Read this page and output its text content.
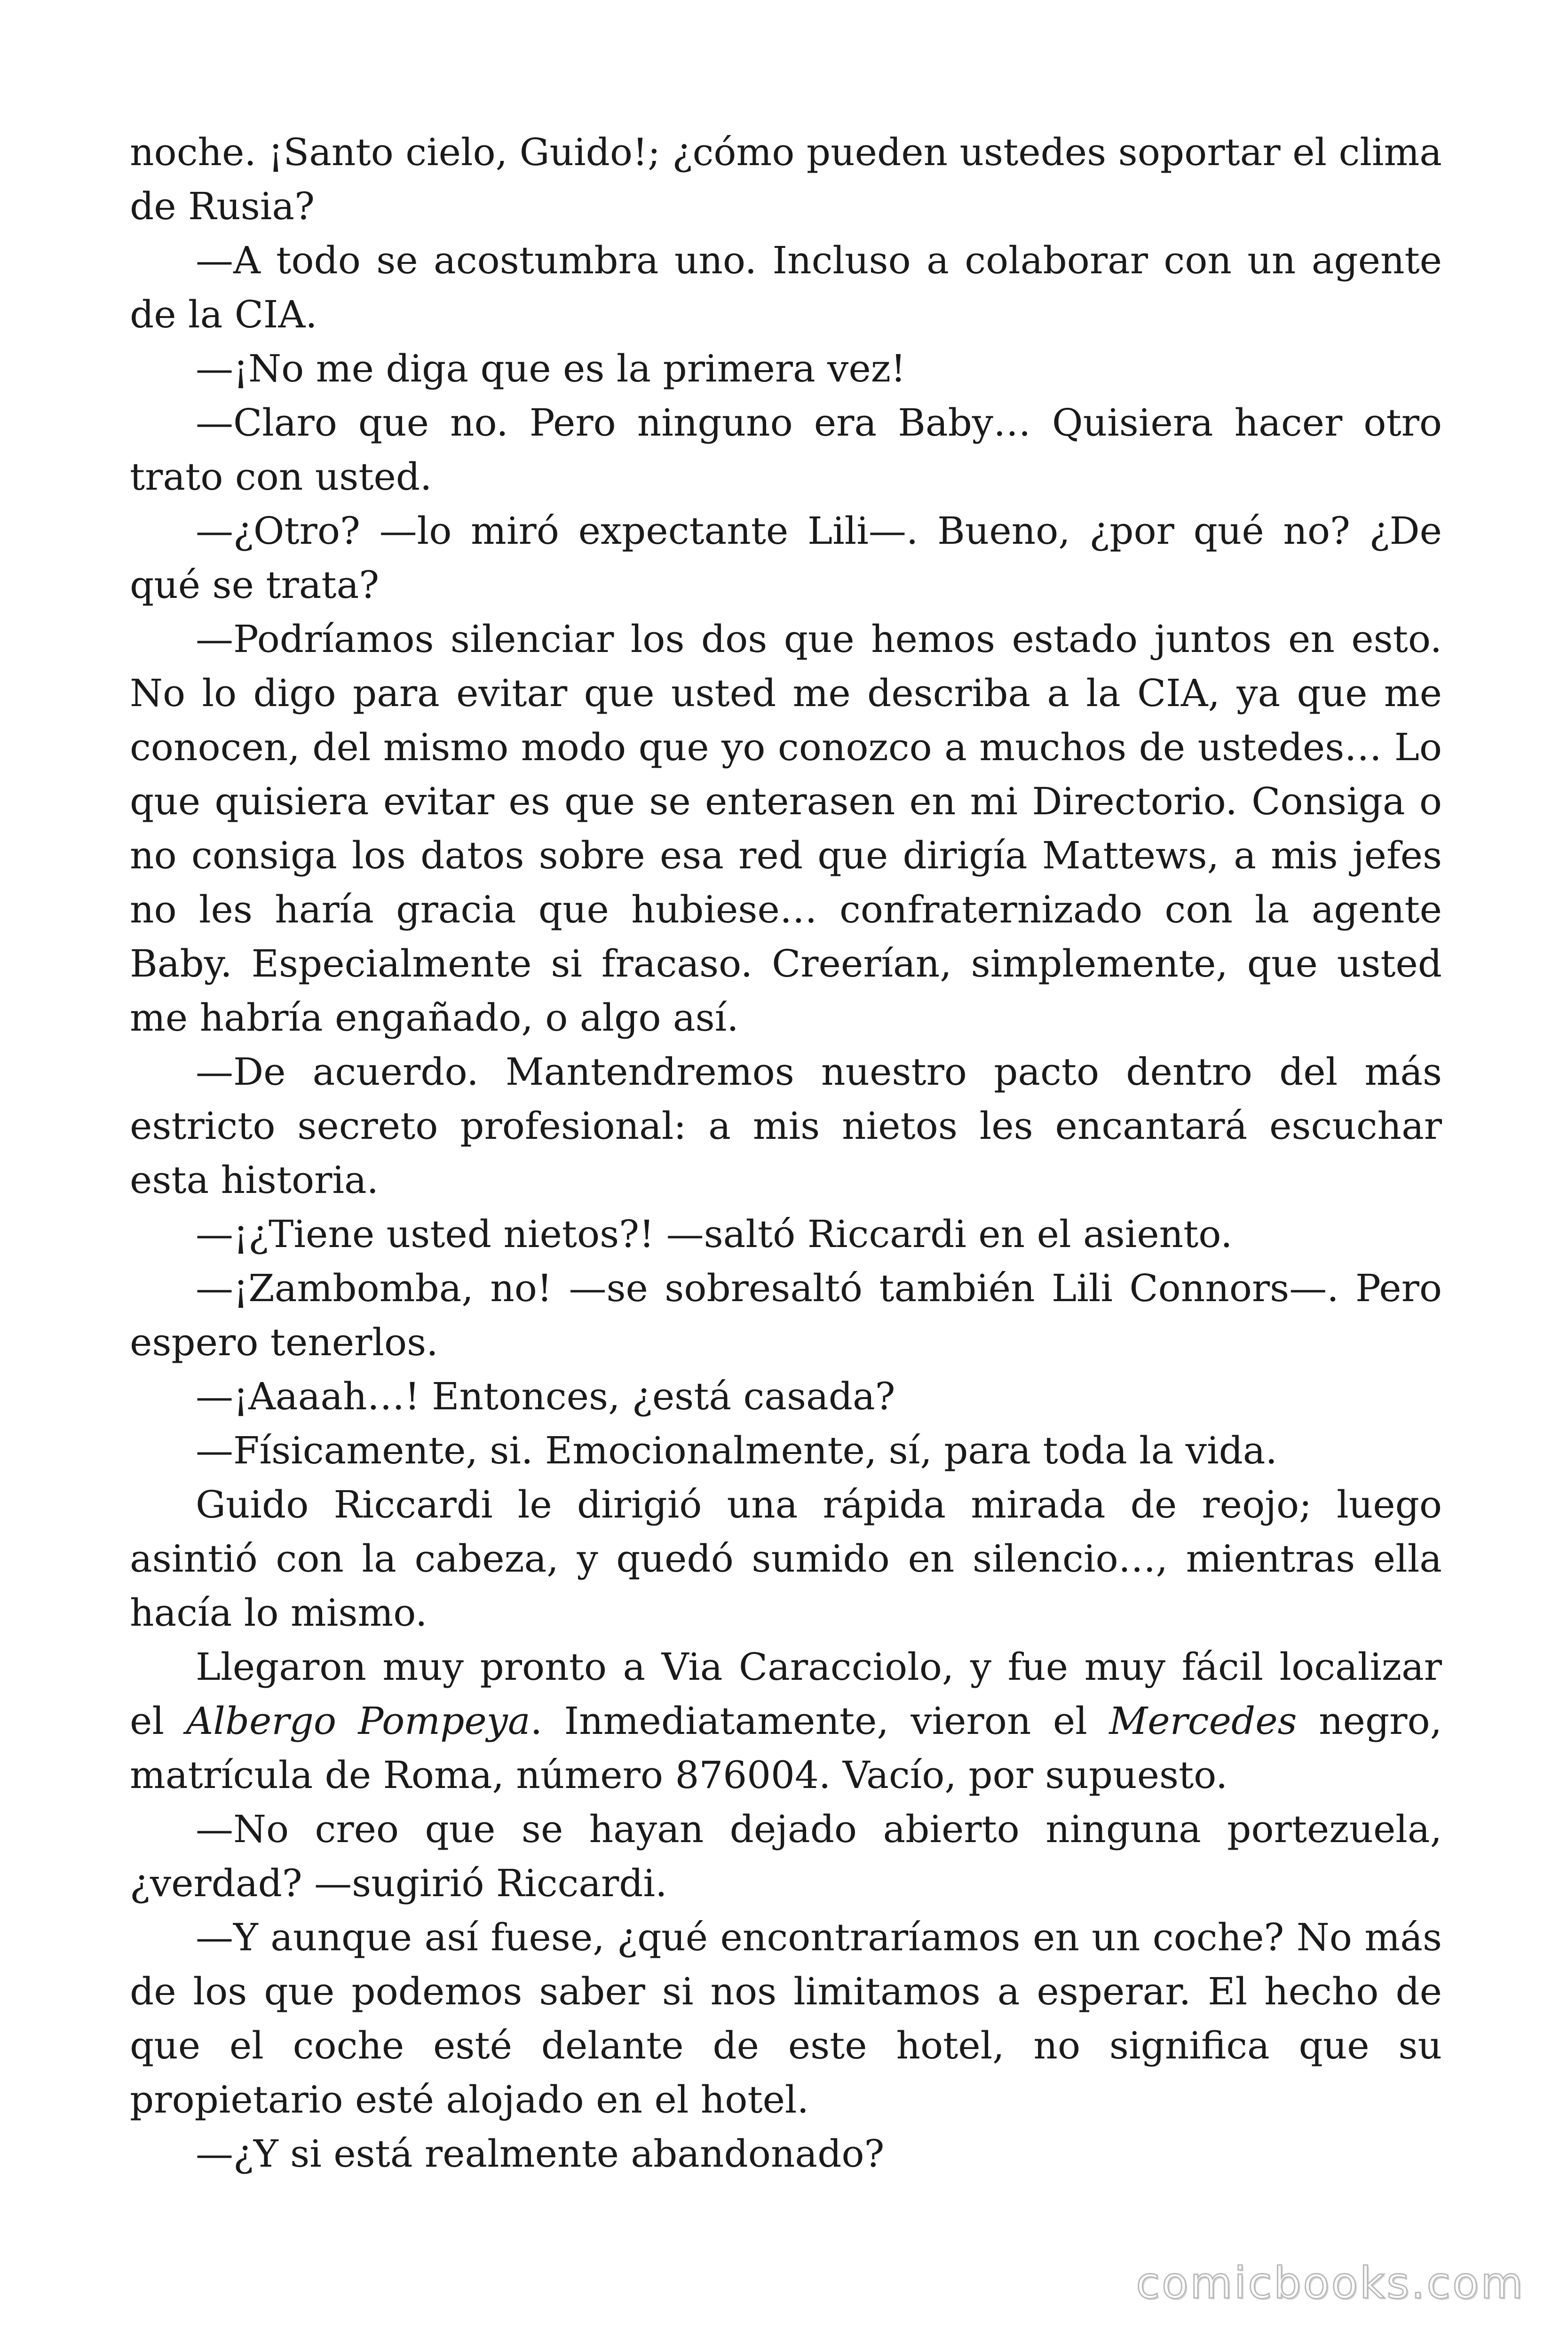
noche. ¡Santo cielo, Guido!; ¿cómo pueden ustedes soportar el clima de Rusia?

—A todo se acostumbra uno. Incluso a colaborar con un agente de la CIA.

—¡No me diga que es la primera vez!

—Claro que no. Pero ninguno era Baby… Quisiera hacer otro trato con usted.

—¿Otro? —lo miró expectante Lili—. Bueno, ¿por qué no? ¿De qué se trata?

—Podríamos silenciar los dos que hemos estado juntos en esto. No lo digo para evitar que usted me describa a la CIA, ya que me conocen, del mismo modo que yo conozco a muchos de ustedes… Lo que quisiera evitar es que se enterasen en mi Directorio. Consiga o no consiga los datos sobre esa red que dirigía Mattews, a mis jefes no les haría gracia que hubiese… confraternizado con la agente Baby. Especialmente si fracaso. Creerían, simplemente, que usted me habría engañado, o algo así.

—De acuerdo. Mantendremos nuestro pacto dentro del más estricto secreto profesional: a mis nietos les encantará escuchar esta historia.

—¡¿Tiene usted nietos?! —saltó Riccardi en el asiento.

—¡Zambomba, no! —se sobresaltó también Lili Connors—. Pero espero tenerlos.

—¡Aaaah…! Entonces, ¿está casada?

—Físicamente, si. Emocionalmente, sí, para toda la vida.

Guido Riccardi le dirigió una rápida mirada de reojo; luego asintió con la cabeza, y quedó sumido en silencio…, mientras ella hacía lo mismo.

Llegaron muy pronto a Via Caracciolo, y fue muy fácil localizar el Albergo Pompeya. Inmediatamente, vieron el Mercedes negro, matrícula de Roma, número 876004. Vacío, por supuesto.

—No creo que se hayan dejado abierto ninguna portezuela, ¿verdad? —sugirió Riccardi.

—Y aunque así fuese, ¿qué encontraríamos en un coche? No más de los que podemos saber si nos limitamos a esperar. El hecho de que el coche esté delante de este hotel, no significa que su propietario esté alojado en el hotel.

—¿Y si está realmente abandonado?

comicbooks.com
